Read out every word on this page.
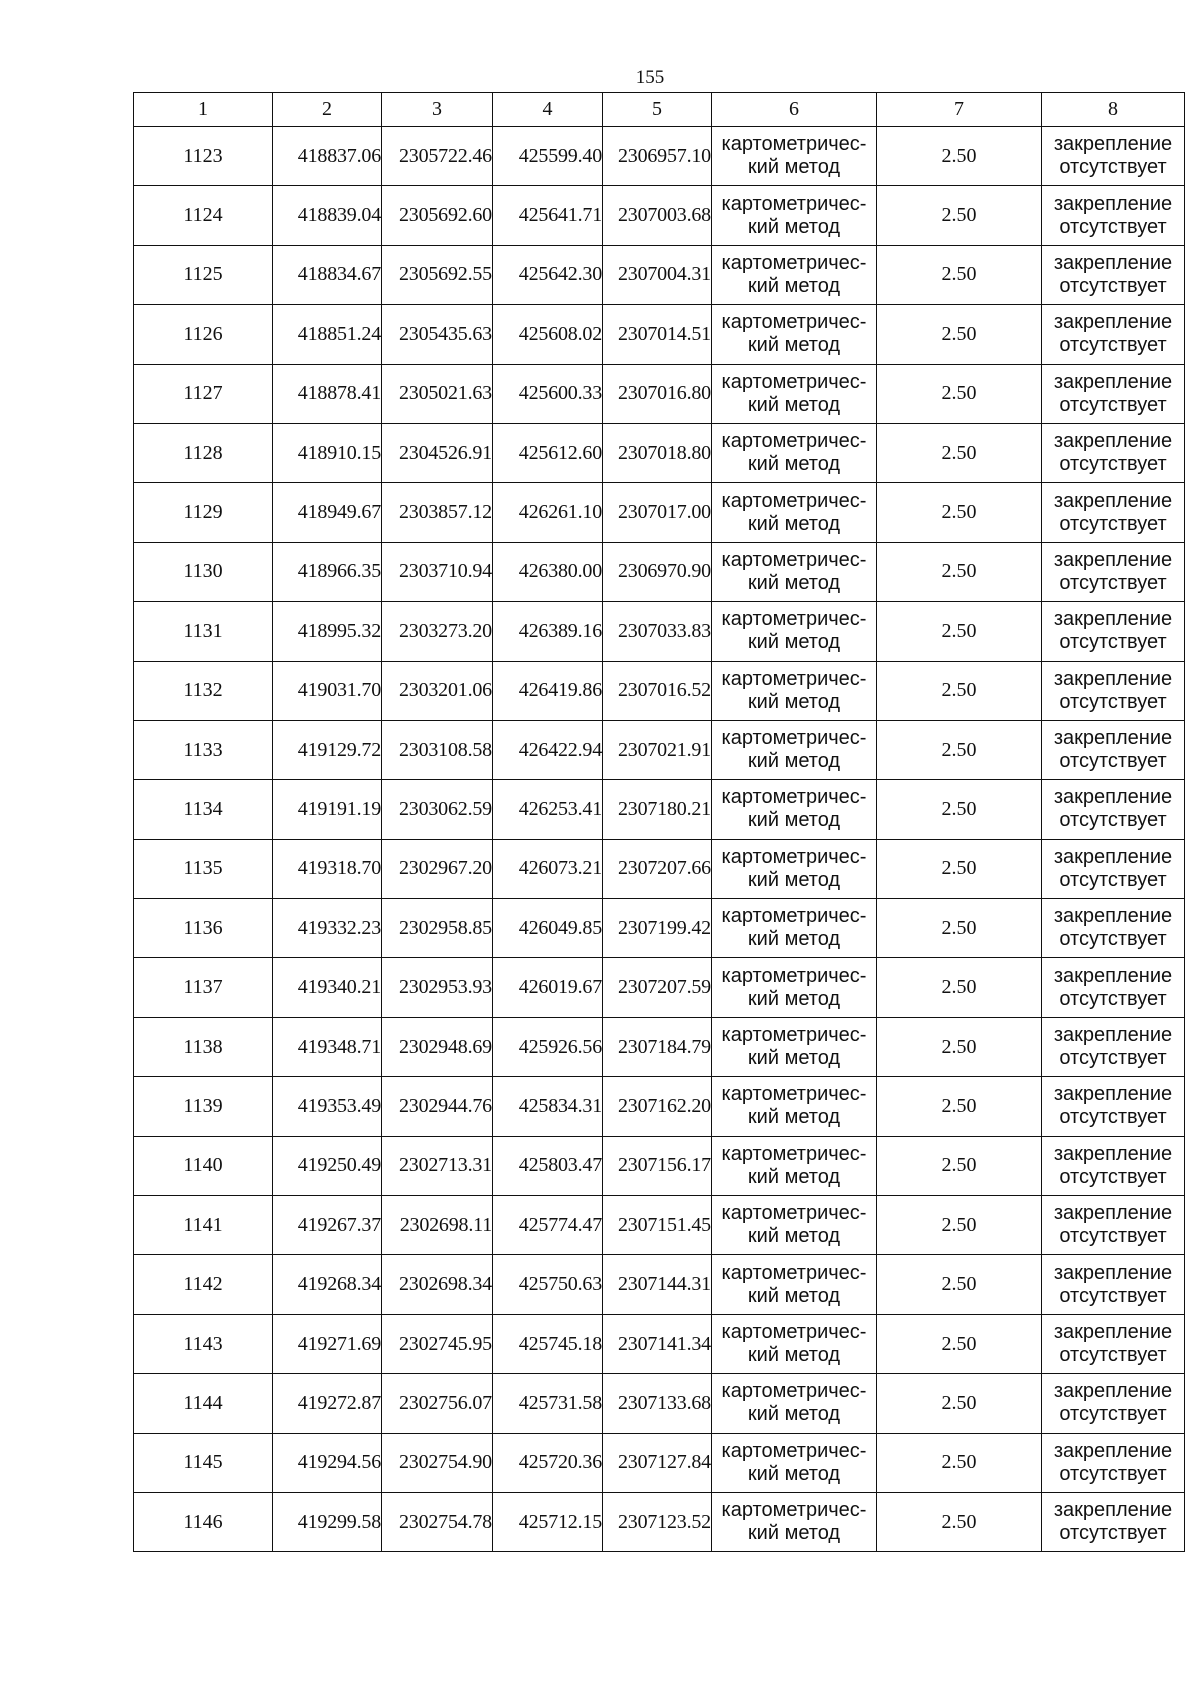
155
1	2	3	4	5	6	7	8
1123	418837.06	2305722.46	425599.40	2306957.10	картометричес-
кий метод	2.50	закрепление
отсутствует

1124	418839.04	2305692.60	425641.71	2307003.68	картометричес-
кий метод	2.50	закрепление
отсутствует

1125	418834.67	2305692.55	425642.30	2307004.31	картометричес-
кий метод	2.50	закрепление
отсутствует

1126	418851.24	2305435.63	425608.02	2307014.51	картометричес-
кий метод	2.50	закрепление
отсутствует

1127	418878.41	2305021.63	425600.33	2307016.80	картометричес-
кий метод	2.50	закрепление
отсутствует

1128	418910.15	2304526.91	425612.60	2307018.80	картометричес-
кий метод	2.50	закрепление
отсутствует

1129	418949.67	2303857.12	426261.10	2307017.00	картометричес-
кий метод	2.50	закрепление
отсутствует

1130	418966.35	2303710.94	426380.00	2306970.90	картометричес-
кий метод	2.50	закрепление
отсутствует

1131	418995.32	2303273.20	426389.16	2307033.83	картометричес-
кий метод	2.50	закрепление
отсутствует

1132	419031.70	2303201.06	426419.86	2307016.52	картометричес-
кий метод	2.50	закрепление
отсутствует

1133	419129.72	2303108.58	426422.94	2307021.91	картометричес-
кий метод	2.50	закрепление
отсутствует

1134	419191.19	2303062.59	426253.41	2307180.21	картометричес-
кий метод	2.50	закрепление
отсутствует

1135	419318.70	2302967.20	426073.21	2307207.66	картометричес-
кий метод	2.50	закрепление
отсутствует

1136	419332.23	2302958.85	426049.85	2307199.42	картометричес-
кий метод	2.50	закрепление
отсутствует

1137	419340.21	2302953.93	426019.67	2307207.59	картометричес-
кий метод	2.50	закрепление
отсутствует

1138	419348.71	2302948.69	425926.56	2307184.79	картометричес-
кий метод	2.50	закрепление
отсутствует

1139	419353.49	2302944.76	425834.31	2307162.20	картометричес-
кий метод	2.50	закрепление
отсутствует

1140	419250.49	2302713.31	425803.47	2307156.17	картометричес-
кий метод	2.50	закрепление
отсутствует

1141	419267.37	2302698.11	425774.47	2307151.45	картометричес-
кий метод	2.50	закрепление
отсутствует

1142	419268.34	2302698.34	425750.63	2307144.31	картометричес-
кий метод	2.50	закрепление
отсутствует

1143	419271.69	2302745.95	425745.18	2307141.34	картометричес-
кий метод	2.50	закрепление
отсутствует

1144	419272.87	2302756.07	425731.58	2307133.68	картометричес-
кий метод	2.50	закрепление
отсутствует

1145	419294.56	2302754.90	425720.36	2307127.84	картометричес-
кий метод	2.50	закрепление
отсутствует

1146	419299.58	2302754.78	425712.15	2307123.52	картометричес-
кий метод	2.50	закрепление
отсутствует
